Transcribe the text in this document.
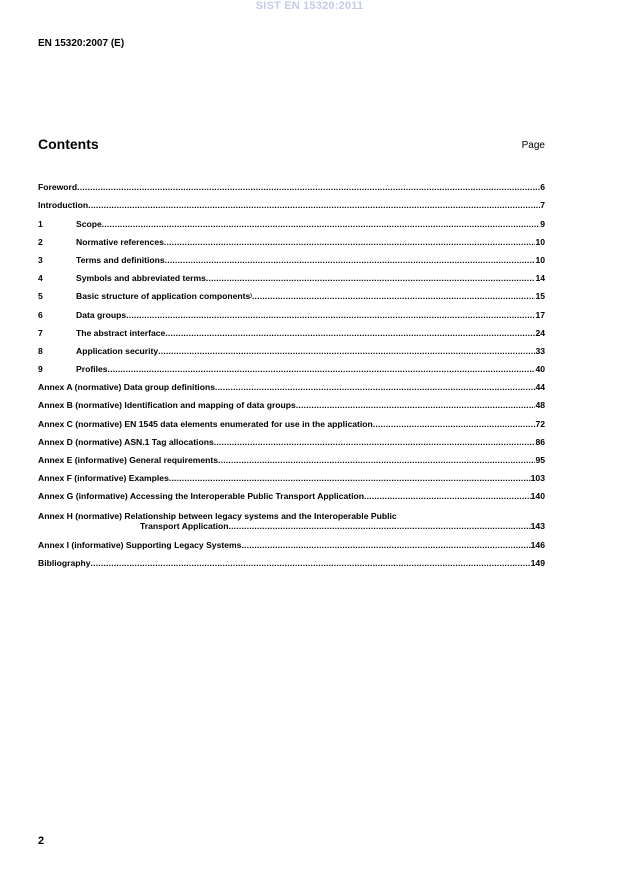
SIST EN 15320:2011
EN 15320:2007 (E)
Contents	Page
Foreword .....	6
Introduction .....	7
1	Scope .....	9
2	Normative references .....	10
3	Terms and definitions .....	10
4	Symbols and abbreviated terms .....	14
5	Basic structure of application components) .....	15
6	Data groups .....	17
7	The abstract interface .....	24
8	Application security .....	33
9	Profiles .....	40
Annex A (normative) Data group definitions .....	44
Annex B (normative) Identification and mapping of data groups .....	48
Annex C (normative) EN 1545 data elements enumerated for use in the application .....	72
Annex D (normative) ASN.1 Tag allocations .....	86
Annex E (informative) General requirements .....	95
Annex F (informative) Examples .....	103
Annex G (informative) Accessing the Interoperable Public Transport Application .....	140
Annex H (normative) Relationship between legacy systems and the Interoperable Public
Transport Application .....	143
Annex I (informative) Supporting Legacy Systems .....	146
Bibliography .....	149
2
